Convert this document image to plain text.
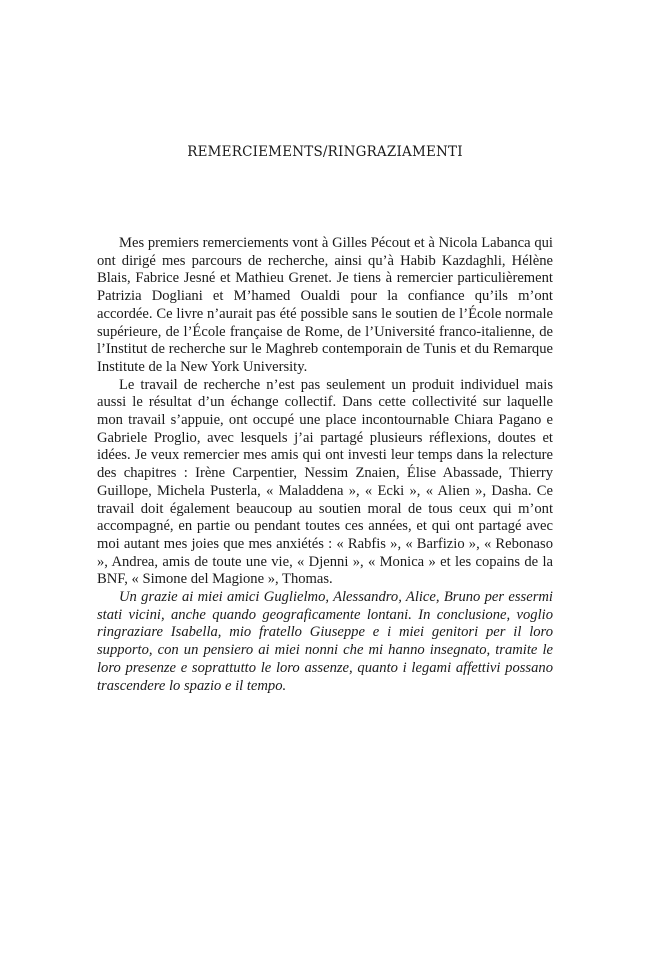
REMERCIEMENTS/RINGRAZIAMENTI

Mes premiers remerciements vont à Gilles Pécout et à Nicola Labanca qui ont dirigé mes parcours de recherche, ainsi qu’à Habib Kazdaghli, Hélène Blais, Fabrice Jesné et Mathieu Grenet. Je tiens à remercier particulièrement Patrizia Dogliani et M’hamed Oualdi pour la confiance qu’ils m’ont accordée. Ce livre n’aurait pas été possible sans le soutien de l’École normale supérieure, de l’École française de Rome, de l’Université franco-italienne, de l’Institut de recherche sur le Maghreb contemporain de Tunis et du Remarque Institute de la New York University.

Le travail de recherche n’est pas seulement un produit individuel mais aussi le résultat d’un échange collectif. Dans cette collectivité sur laquelle mon travail s’appuie, ont occupé une place incontournable Chiara Pagano e Gabriele Proglio, avec lesquels j’ai partagé plusieurs réflexions, doutes et idées. Je veux remercier mes amis qui ont investi leur temps dans la relecture des chapitres : Irène Carpentier, Nessim Znaien, Élise Abassade, Thierry Guillope, Michela Pusterla, « Maladdena », « Ecki », « Alien », Dasha. Ce travail doit également beaucoup au soutien moral de tous ceux qui m’ont accompagné, en partie ou pendant toutes ces années, et qui ont partagé avec moi autant mes joies que mes anxiétés : « Rabfis », « Barfizio », « Rebonaso », Andrea, amis de toute une vie, « Djenni », « Monica » et les copains de la BNF, « Simone del Magione », Thomas.

Un grazie ai miei amici Guglielmo, Alessandro, Alice, Bruno per essermi stati vicini, anche quando geograficamente lontani. In conclusione, voglio ringraziare Isabella, mio fratello Giuseppe e i miei genitori per il loro supporto, con un pensiero ai miei nonni che mi hanno insegnato, tramite le loro presenze e soprattutto le loro assenze, quanto i legami affettivi possano trascendere lo spazio e il tempo.
